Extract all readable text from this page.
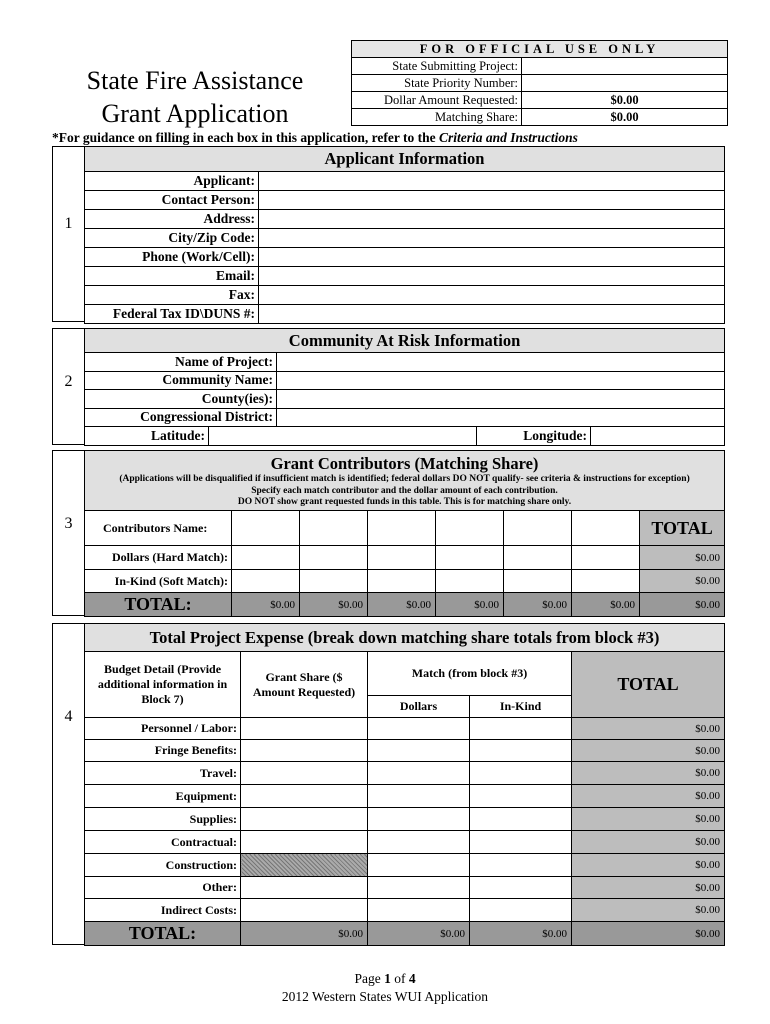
State Fire Assistance
Grant Application
FOR OFFICIAL USE ONLY	
State Submitting Project:	
State Priority Number:	
Dollar Amount Requested:	$0.00
Matching Share:	$0.00
*For guidance on filling in each box in this application, refer to the Criteria and Instructions
1
Applicant Information	
Applicant:	
Contact Person:	
Address:	
City/Zip Code:	
Phone (Work/Cell):	
Email:	
Fax:	
Federal Tax ID\DUNS #:	
2
Community At Risk Information				
Name of Project:				
Community Name:				
County(ies):				
Congressional District:				
Latitude:			Longitude:	
3
Grant Contributors (Matching Share)
(Applications will be disqualified if insufficient match is identified; federal dollars DO NOT qualify- see criteria & instructions for exception)
Specify each match contributor and the dollar amount of each contribution.
DO NOT show grant requested funds in this table. This is for matching share only.							

Contributors Name:							TOTAL
Dollars (Hard Match):							$0.00
In-Kind (Soft Match):							$0.00
TOTAL:	$0.00	$0.00	$0.00	$0.00	$0.00	$0.00	$0.00
4
Total Project Expense (break down matching share totals from block #3)				
Budget Detail (Provide additional information in Block 7)	Grant Share ($ Amount Requested)	Match (from block #3)		TOTAL
		Dollars	In-Kind	
Personnel / Labor:				$0.00
Fringe Benefits:				$0.00
Travel:				$0.00
Equipment:				$0.00
Supplies:				$0.00
Contractual:				$0.00
Construction:				$0.00
Other:				$0.00
Indirect Costs:				$0.00
TOTAL:	$0.00	$0.00	$0.00	$0.00
Page 1 of 4
2012 Western States WUI Application
